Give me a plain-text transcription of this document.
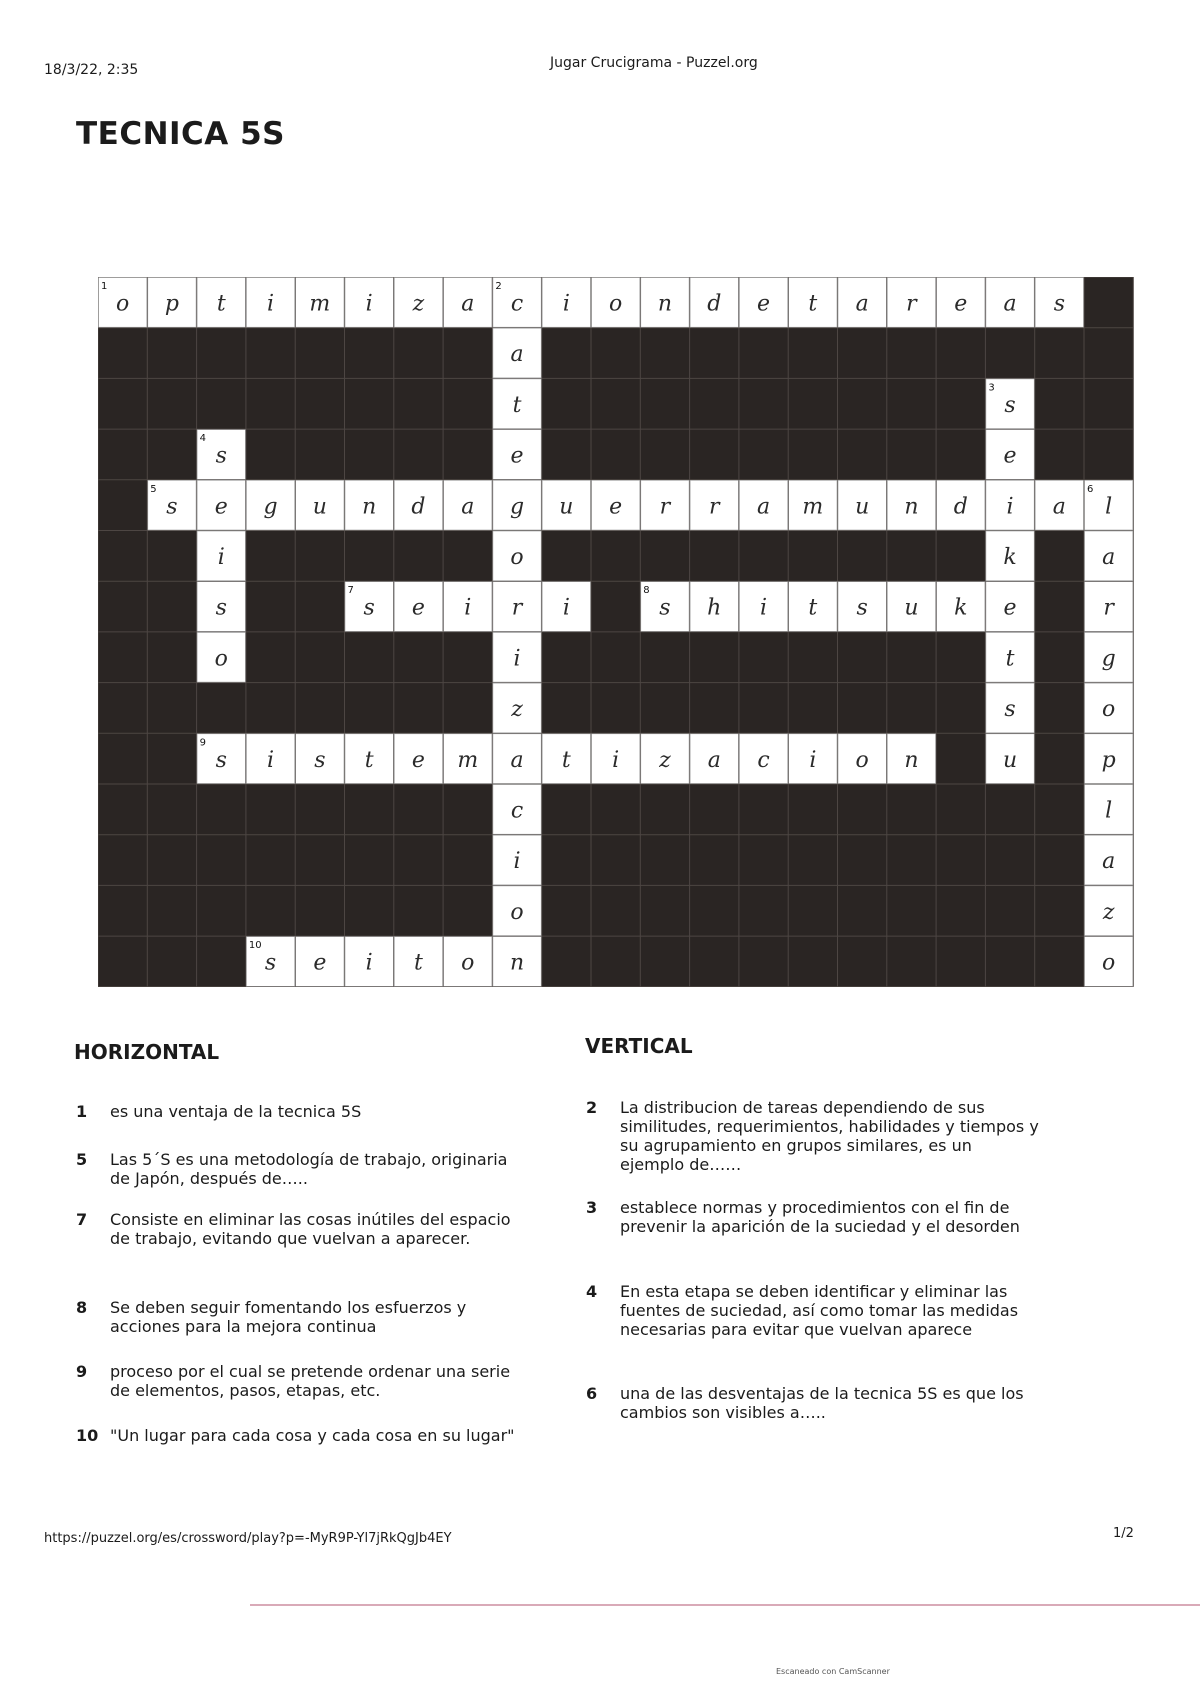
18/3/22, 2:35	Jugar Crucigrama - Puzzel.org
TECNICA 5S
o p t i m i z a c i o n d e t a r e a s
a
t
e
g
o
r
i
z
a
c
i
o
n
s
e
i
k
e
t
s
u
s
e
i
s
o
s	g u n d a	u e r r a m u n d	a l
a
r
g
o
p
l
a
z
o
s e i	i	s h i t s u k
s i s t e m	t i z a c i o n
s e i t o
1	2
3
4
5	6
7	8
9
10
HORIZONTAL
1	es una ventaja de la tecnica 5S
5	Las 5´S es una metodología de trabajo, originaria de Japón, después de…..
7	Consiste en eliminar las cosas inútiles del espacio de trabajo, evitando que vuelvan a aparecer.
8	Se deben seguir fomentando los esfuerzos y acciones para la mejora continua
9	proceso por el cual se pretende ordenar una serie de elementos, pasos, etapas, etc.
10 "Un lugar para cada cosa y cada cosa en su lugar"
VERTICAL
2	La distribucion de tareas dependiendo de sus similitudes, requerimientos, habilidades y tiempos y su agrupamiento en grupos similares, es un ejemplo de……
3	establece normas y procedimientos con el fin de prevenir la aparición de la suciedad y el desorden
4	En esta etapa se deben identificar y eliminar las fuentes de suciedad, así como tomar las medidas necesarias para evitar que vuelvan aparece
6	una de las desventajas de la tecnica 5S es que los cambios son visibles a…..
https://puzzel.org/es/crossword/play?p=-MyR9P-Yl7jRkQgJb4EY	1/2
Escaneado con CamScanner
